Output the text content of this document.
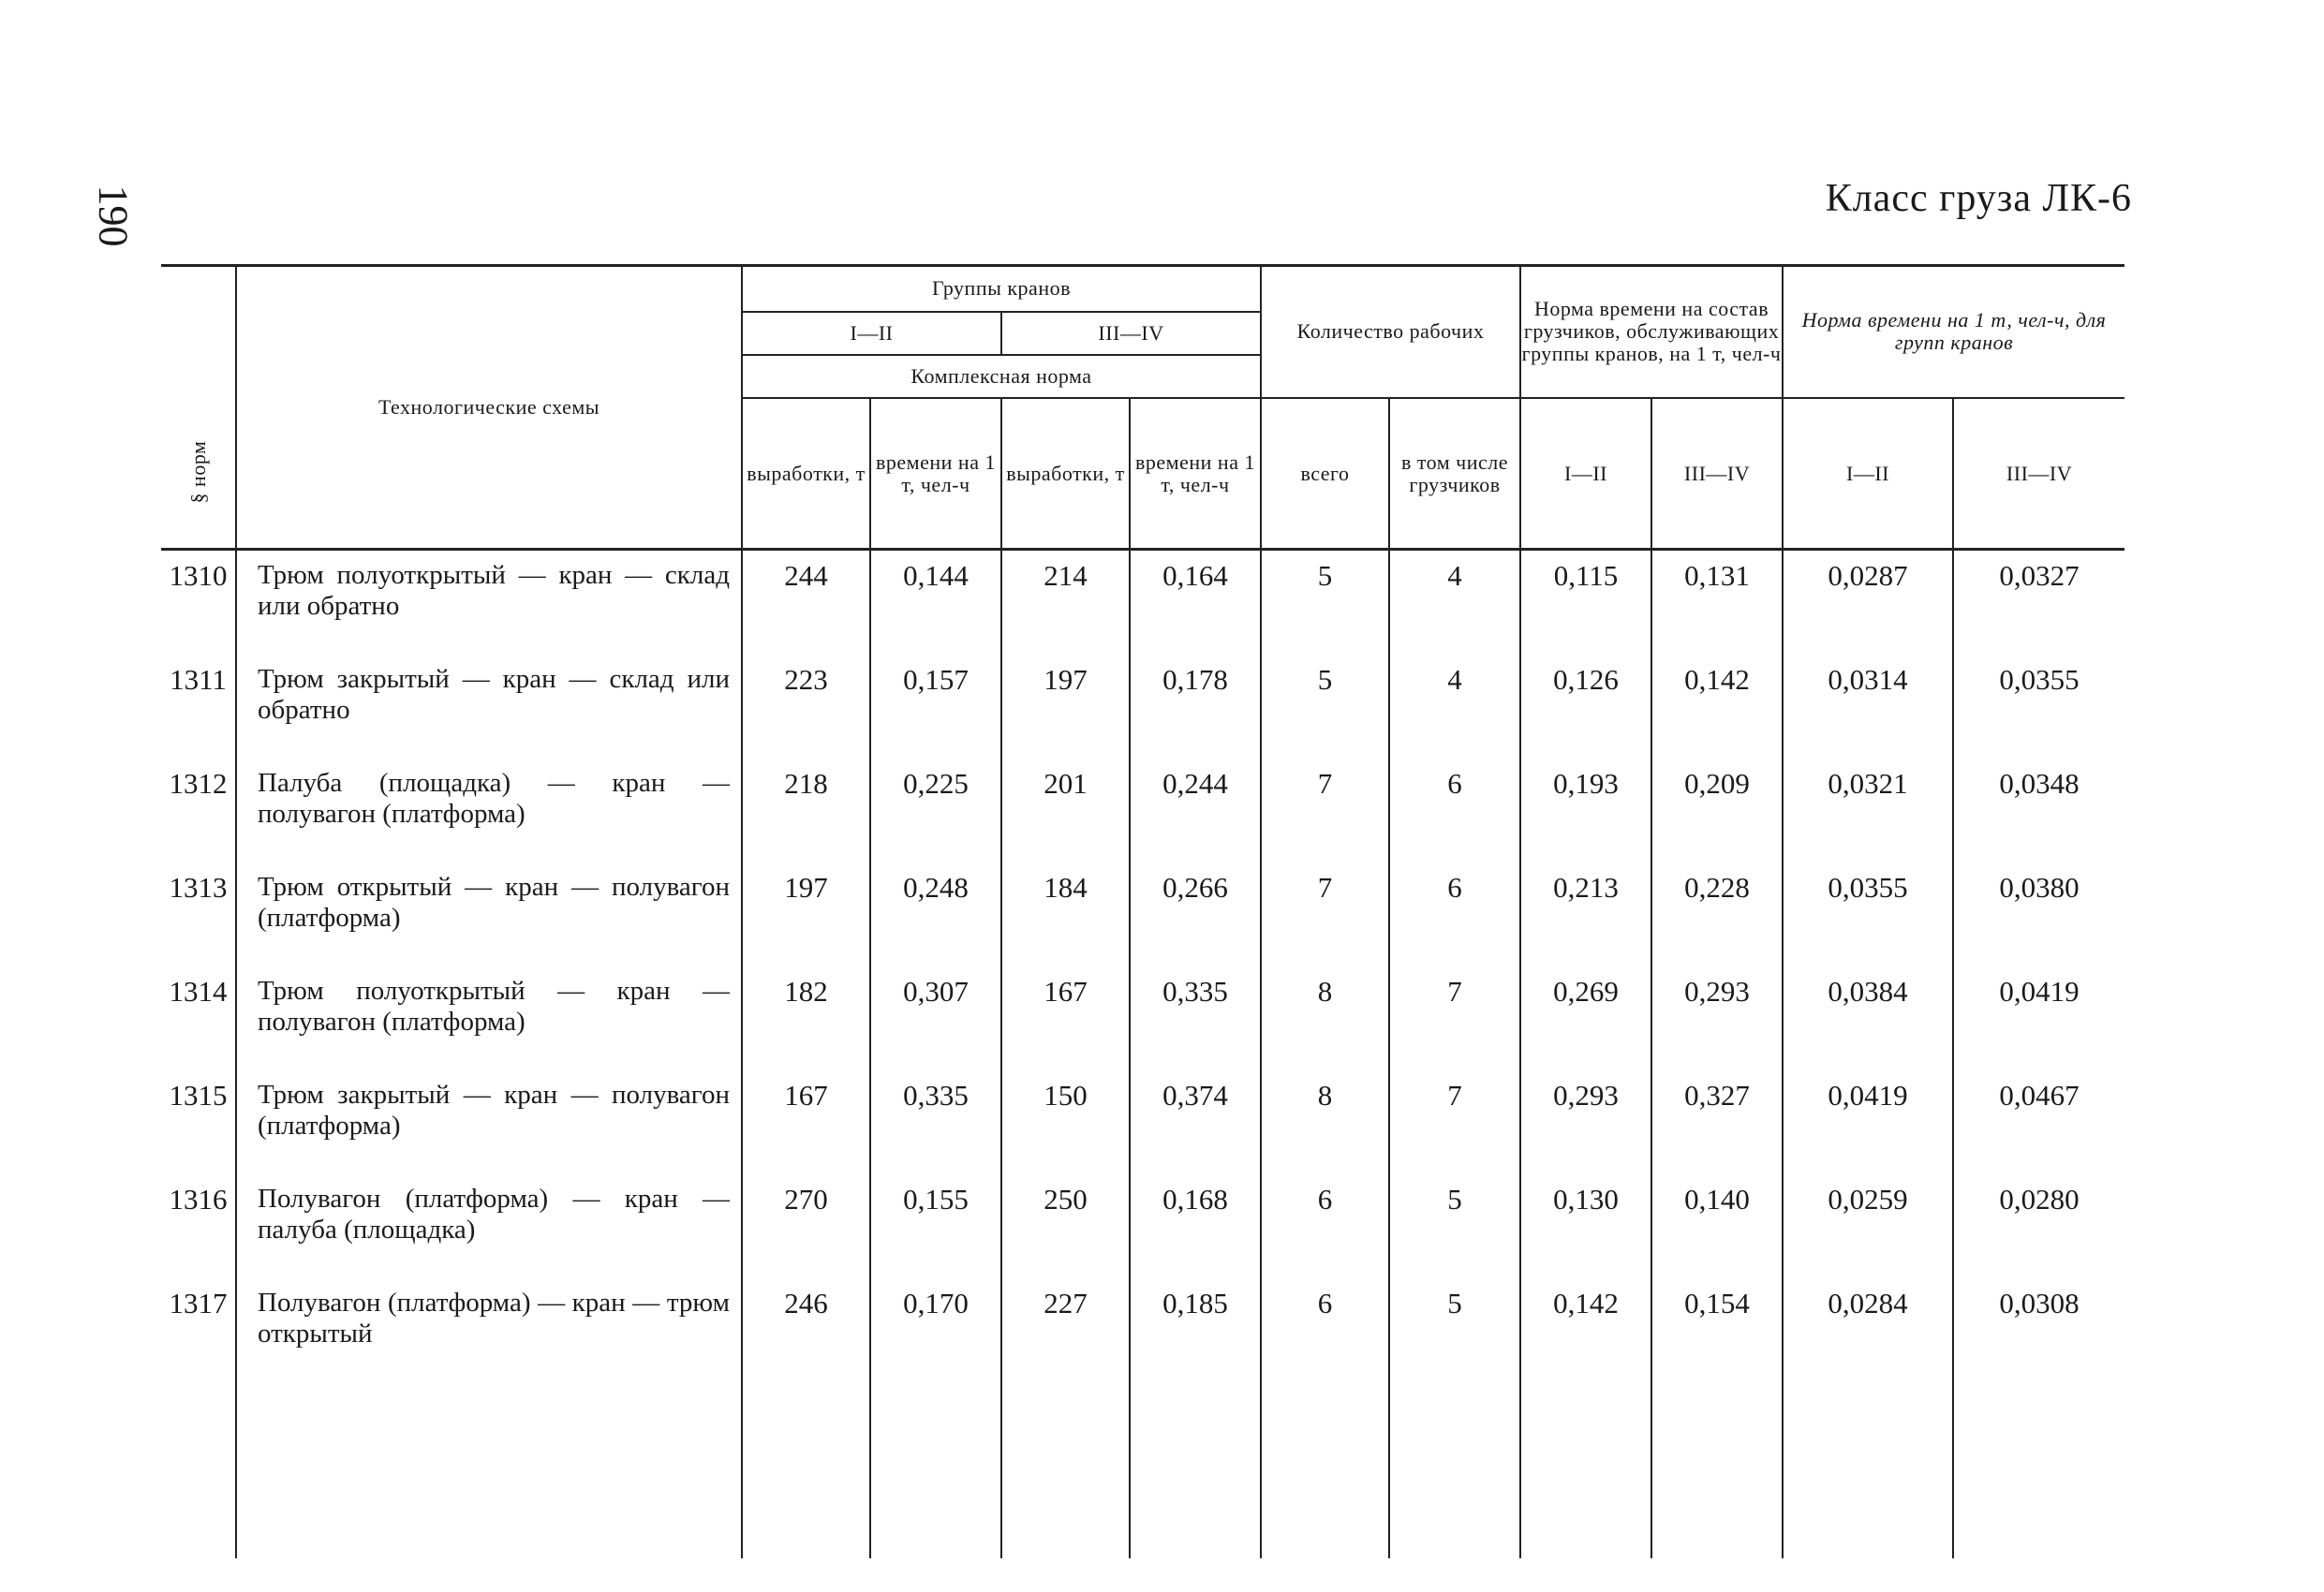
190	Класс груза ЛК-6
§ норм	Технологические схемы	Группы кранов				Количество рабочих		Норма времени на состав грузчиков, обслуживающих группы кранов, на 1 т, чел-ч		Норма времени на 1 т, чел-ч, для групп кранов	
		I—II		III—IV							
		Комплексная норма									
		выработки, т	времени на 1 т, чел-ч	выработки, т	времени на 1 т, чел-ч	всего	в том числе грузчиков	I—II	III—IV	I—II	III—IV
1310	Трюм полуоткрытый — кран — склад или обратно	244	0,144	214	0,164	5	4	0,115	0,131	0,0287	0,0327
1311	Трюм закрытый — кран — склад или обратно	223	0,157	197	0,178	5	4	0,126	0,142	0,0314	0,0355
1312	Палуба (площадка) — кран — полувагон (платформа)	218	0,225	201	0,244	7	6	0,193	0,209	0,0321	0,0348
1313	Трюм открытый — кран — полувагон (платформа)	197	0,248	184	0,266	7	6	0,213	0,228	0,0355	0,0380
1314	Трюм полуоткрытый — кран — полувагон (платформа)	182	0,307	167	0,335	8	7	0,269	0,293	0,0384	0,0419
1315	Трюм закрытый — кран — полувагон (платформа)	167	0,335	150	0,374	8	7	0,293	0,327	0,0419	0,0467
1316	Полувагон (платформа) — кран — палуба (площадка)	270	0,155	250	0,168	6	5	0,130	0,140	0,0259	0,0280
1317	Полувагон (платформа) — кран — трюм открытый	246	0,170	227	0,185	6	5	0,142	0,154	0,0284	0,0308
